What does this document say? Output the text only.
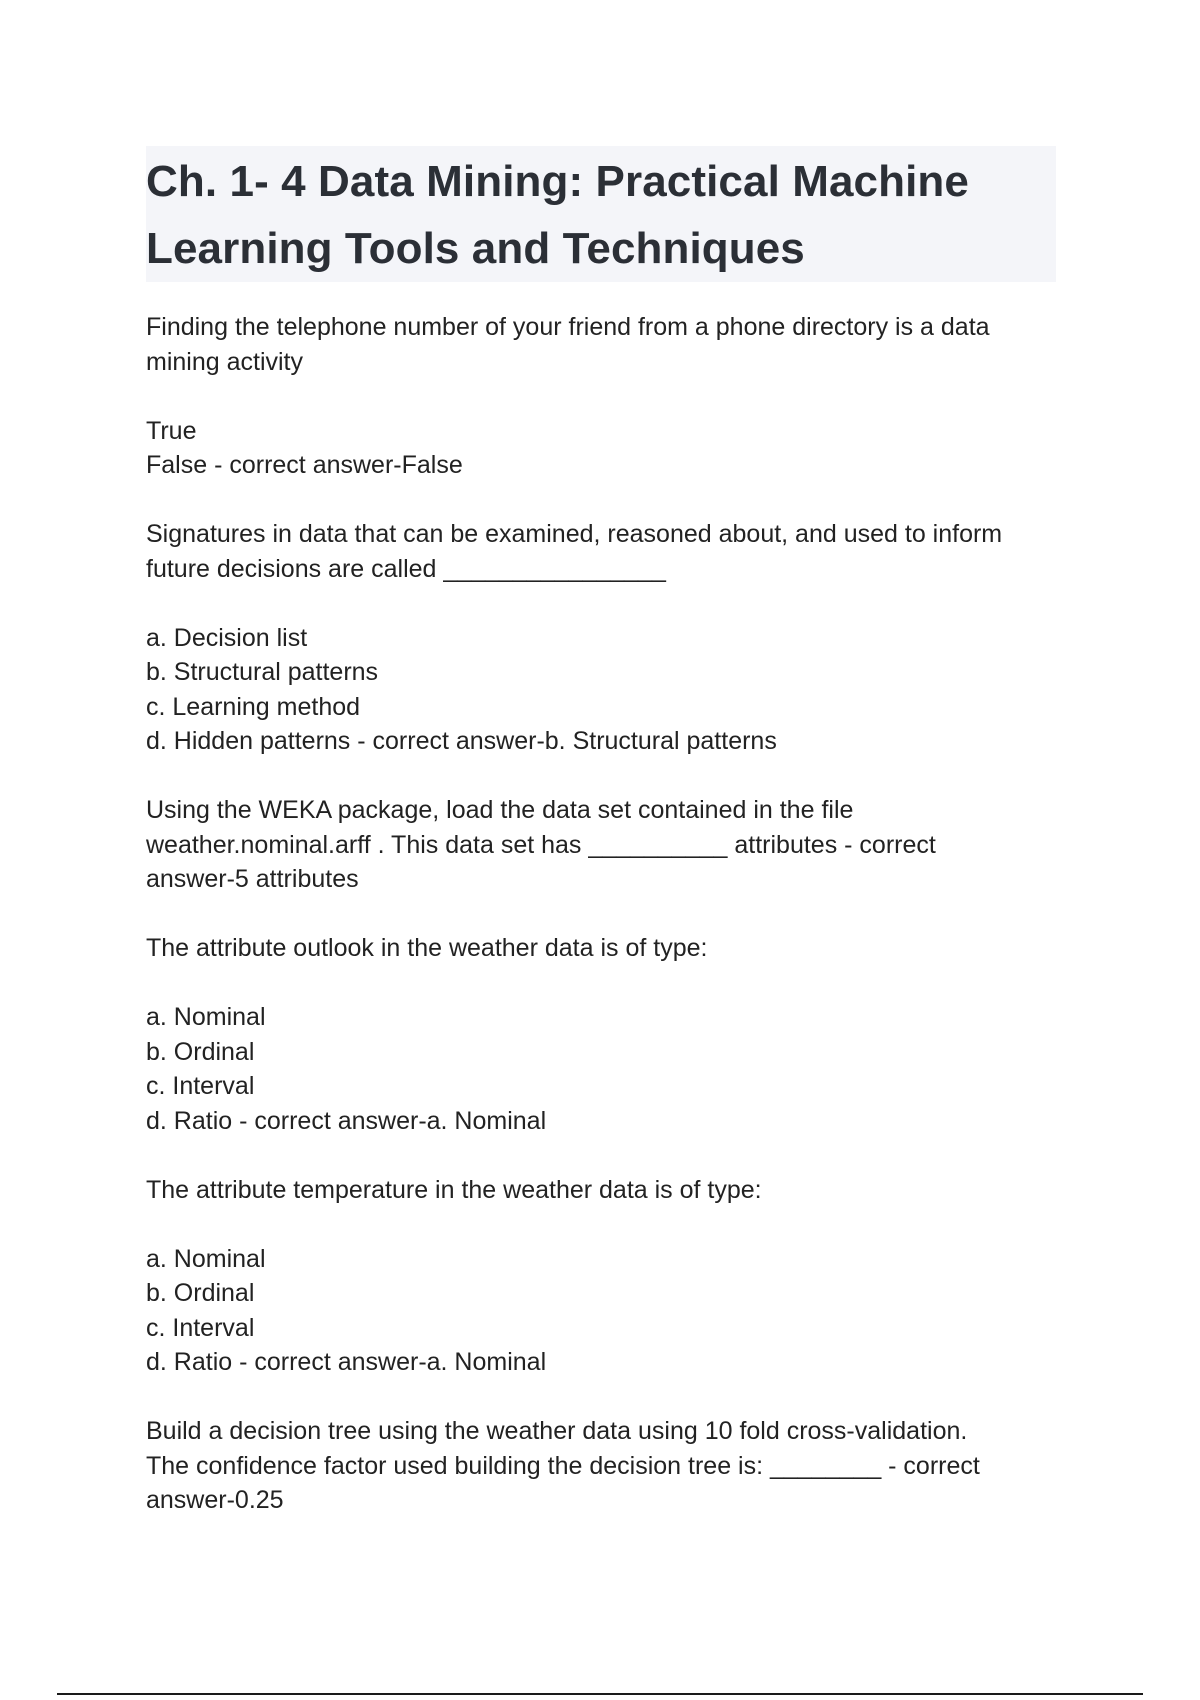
Ch. 1- 4 Data Mining: Practical Machine Learning Tools and Techniques

Finding the telephone number of your friend from a phone directory is a data

mining activity

True

False - correct answer-False

Signatures in data that can be examined, reasoned about, and used to inform

future decisions are called ________________

a. Decision list

b. Structural patterns

c. Learning method

d. Hidden patterns - correct answer-b. Structural patterns

Using the WEKA package, load the data set contained in the file

weather.nominal.arff . This data set has __________ attributes - correct

answer-5 attributes

The attribute outlook in the weather data is of type:

a. Nominal

b. Ordinal

c. Interval

d. Ratio - correct answer-a. Nominal

The attribute temperature in the weather data is of type:

a. Nominal

b. Ordinal

c. Interval

d. Ratio - correct answer-a. Nominal

Build a decision tree using the weather data using 10 fold cross-validation.

The confidence factor used building the decision tree is: ________ - correct

answer-0.25
